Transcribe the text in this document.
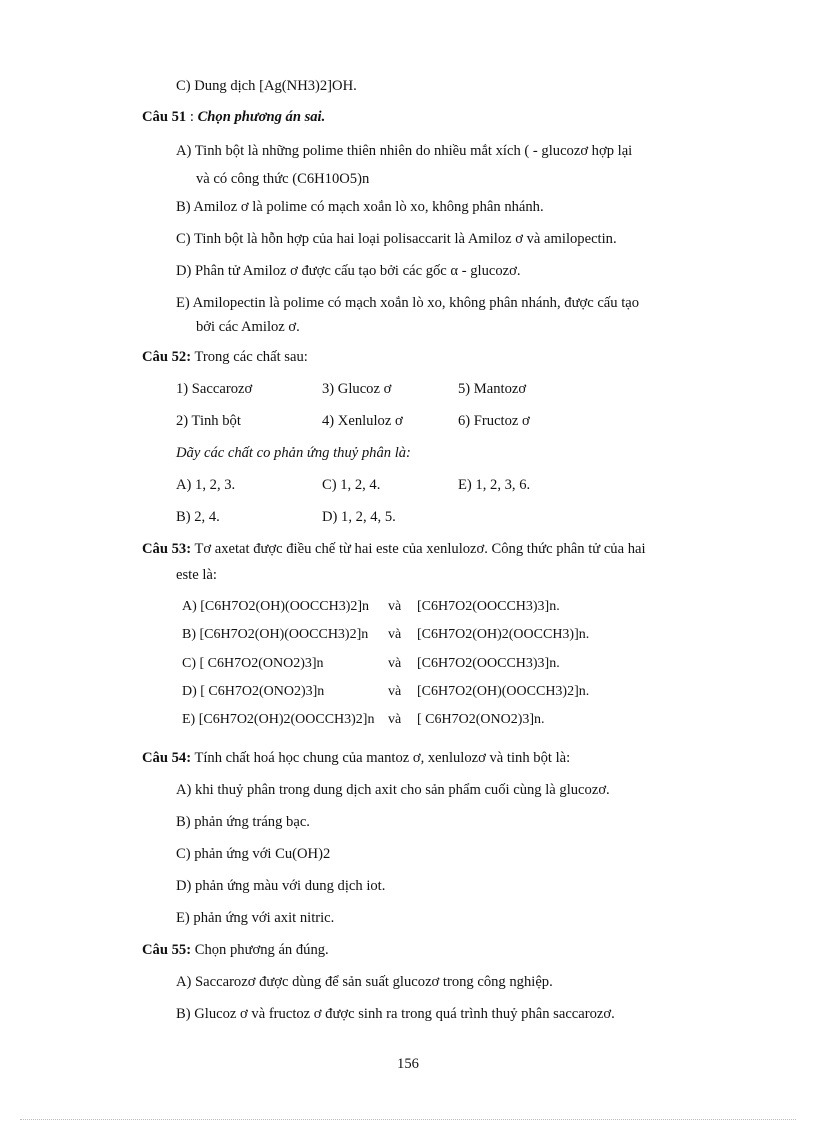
C) Dung dịch [Ag(NH3)2]OH.
Câu 51 : Chọn phương án sai.
A) Tinh bột là những polime thiên nhiên do nhiều mắt xích ( - glucozơ hợp lại
và có công thức (C6H10O5)n
B) Amiloz ơ là polime có mạch xoắn lò xo, không phân nhánh.
C) Tinh bột là hỗn hợp của hai loại polisaccarit là Amiloz ơ và amilopectin.
D) Phân tử Amiloz ơ được cấu tạo bởi các gốc α - glucozơ.
E) Amilopectin là polime có mạch xoắn lò xo, không phân nhánh, được cấu tạo
bởi các Amiloz ơ.
Câu 52: Trong các chất sau:
1) Saccarozơ	3) Glucoz ơ	5) Mantozơ
2) Tinh bột	4) Xenluloz ơ	6) Fructoz ơ
Dãy các chất co phản ứng thuỷ phân là:
A) 1, 2, 3.	C) 1, 2, 4.	E) 1, 2, 3, 6.
B) 2, 4.	D) 1, 2, 4, 5.
Câu 53: Tơ axetat được điều chế từ hai este của xenlulozơ. Công thức phân tử của hai
este là:
A) [C6H7O2(OH)(OOCCH3)2]n và [C6H7O2(OOCCH3)3]n.
B) [C6H7O2(OH)(OOCCH3)2]n và [C6H7O2(OH)2(OOCCH3)]n.
C) [ C6H7O2(ONO2)3]n	và [C6H7O2(OOCCH3)3]n.
D) [ C6H7O2(ONO2)3]n	và [C6H7O2(OH)(OOCCH3)2]n.
E) [C6H7O2(OH)2(OOCCH3)2]n và [ C6H7O2(ONO2)3]n.
Câu 54: Tính chất hoá học chung của mantoz ơ, xenlulozơ và tinh bột là:
A) khi thuỷ phân trong dung dịch axit cho sản phẩm cuối cùng là glucozơ.
B) phản ứng tráng bạc.
C) phản ứng với Cu(OH)2
D) phản ứng màu với dung dịch iot.
E) phản ứng với axit nitric.
Câu 55: Chọn phương án đúng.
A) Saccarozơ được dùng để sản suất glucozơ trong công nghiệp.
B) Glucoz ơ và fructoz ơ được sinh ra trong quá trình thuỷ phân saccarozơ.
156
